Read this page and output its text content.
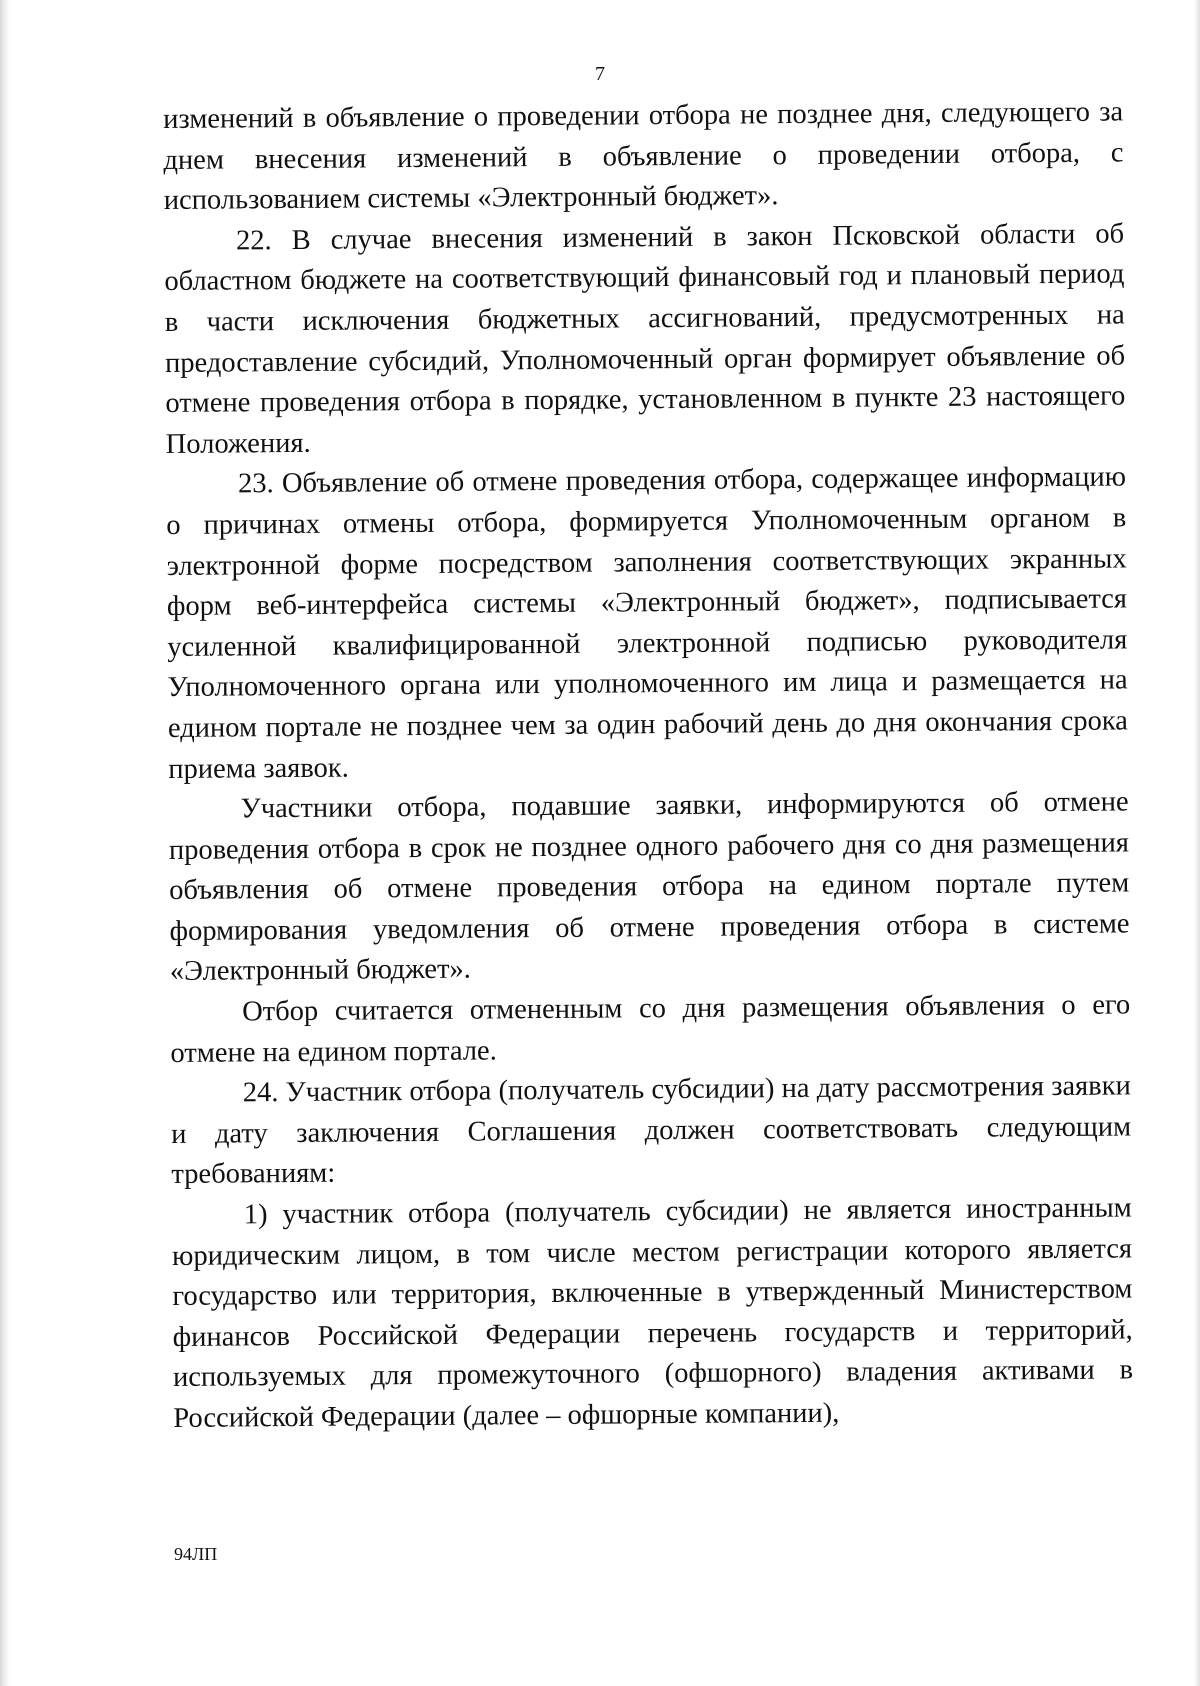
7

изменений в объявление о проведении отбора не позднее дня, следующего за днем внесения изменений в объявление о проведении отбора, с использованием системы «Электронный бюджет».

22. В случае внесения изменений в закон Псковской области об областном бюджете на соответствующий финансовый год и плановый период в части исключения бюджетных ассигнований, предусмотренных на предоставление субсидий, Уполномоченный орган формирует объявление об отмене проведения отбора в порядке, установленном в пункте 23 настоящего Положения.

23. Объявление об отмене проведения отбора, содержащее информацию о причинах отмены отбора, формируется Уполномоченным органом в электронной форме посредством заполнения соответствующих экранных форм веб-интерфейса системы «Электронный бюджет», подписывается усиленной квалифицированной электронной подписью руководителя Уполномоченного органа или уполномоченного им лица и размещается на едином портале не позднее чем за один рабочий день до дня окончания срока приема заявок.

Участники отбора, подавшие заявки, информируются об отмене проведения отбора в срок не позднее одного рабочего дня со дня размещения объявления об отмене проведения отбора на едином портале путем формирования уведомления об отмене проведения отбора в системе «Электронный бюджет».

Отбор считается отмененным со дня размещения объявления о его отмене на едином портале.

24. Участник отбора (получатель субсидии) на дату рассмотрения заявки и дату заключения Соглашения должен соответствовать следующим требованиям:

1) участник отбора (получатель субсидии) не является иностранным юридическим лицом, в том числе местом регистрации которого является государство или территория, включенные в утвержденный Министерством финансов Российской Федерации перечень государств и территорий, используемых для промежуточного (офшорного) владения активами в Российской Федерации (далее – офшорные компании),

94ЛП
